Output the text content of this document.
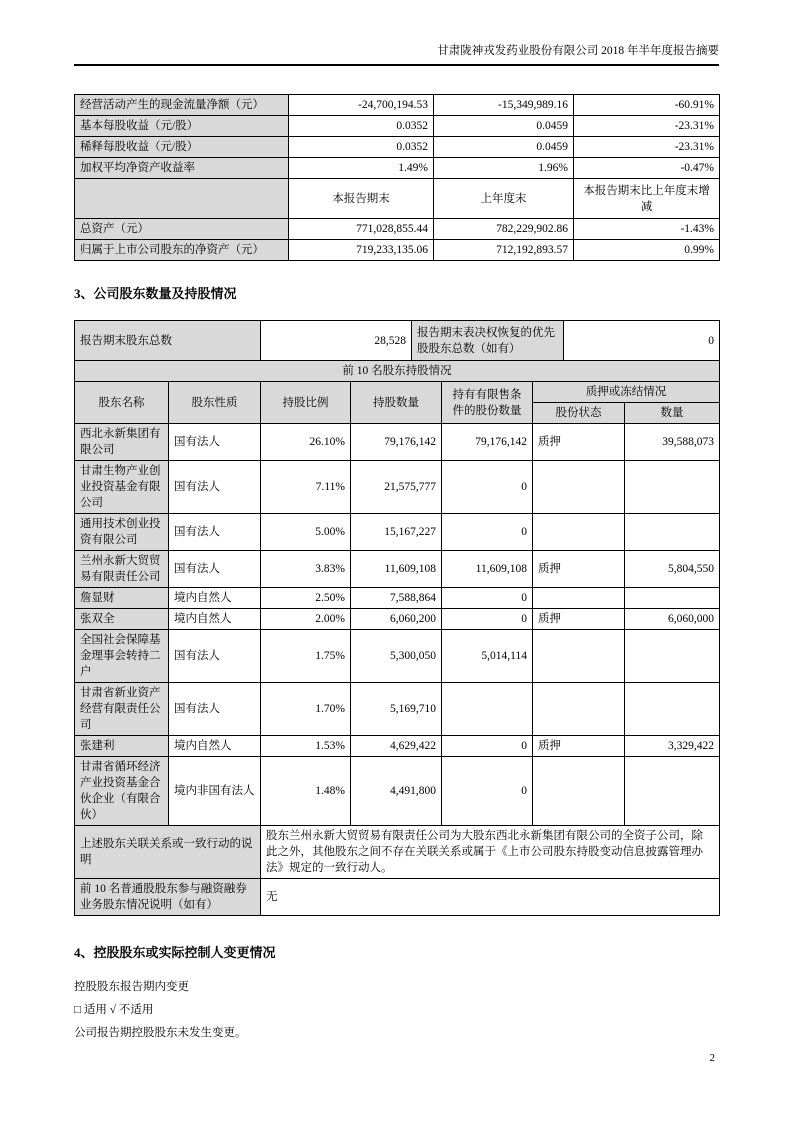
甘肃陇神戎发药业股份有限公司 2018 年半年度报告摘要
经营活动产生的现金流量净额（元）	-24,700,194.53	-15,349,989.16	-60.91%
基本每股收益（元/股）	0.0352	0.0459	-23.31%
稀释每股收益（元/股）	0.0352	0.0459	-23.31%
加权平均净资产收益率	1.49%	1.96%	-0.47%
	本报告期末	上年度末	本报告期末比上年度末增减
总资产（元）	771,028,855.44	782,229,902.86	-1.43%
归属于上市公司股东的净资产（元）	719,233,135.06	712,192,893.57	0.99%
3、公司股东数量及持股情况
报告期末股东总数	28,528	报告期末表决权恢复的优先股股东总数（如有）	0
前 10 名股东持股情况						
股东名称	股东性质	持股比例	持股数量	持有有限售条件的股份数量	质押或冻结情况	
					股份状态	数量
西北永新集团有限公司	国有法人	26.10%	79,176,142	79,176,142	质押	39,588,073
甘肃生物产业创业投资基金有限公司	国有法人	7.11%	21,575,777	0		
通用技术创业投资有限公司	国有法人	5.00%	15,167,227	0		
兰州永新大贸贸易有限责任公司	国有法人	3.83%	11,609,108	11,609,108	质押	5,804,550
詹显财	境内自然人	2.50%	7,588,864	0		
张双全	境内自然人	2.00%	6,060,200	0	质押	6,060,000
全国社会保障基金理事会转持二户	国有法人	1.75%	5,300,050	5,014,114		
甘肃省新业资产经营有限责任公司	国有法人	1.70%	5,169,710			
张建利	境内自然人	1.53%	4,629,422	0	质押	3,329,422
甘肃省循环经济产业投资基金合伙企业（有限合伙）	境内非国有法人	1.48%	4,491,800	0		
上述股东关联关系或一致行动的说明		股东兰州永新大贸贸易有限责任公司为大股东西北永新集团有限公司的全资子公司，除此之外，其他股东之间不存在关联关系或属于《上市公司股东持股变动信息披露管理办法》规定的一致行动人。				
前 10 名普通股股东参与融资融券业务股东情况说明（如有）		无				
4、控股股东或实际控制人变更情况

控股股东报告期内变更

□ 适用 √ 不适用

公司报告期控股股东未发生变更。

2
